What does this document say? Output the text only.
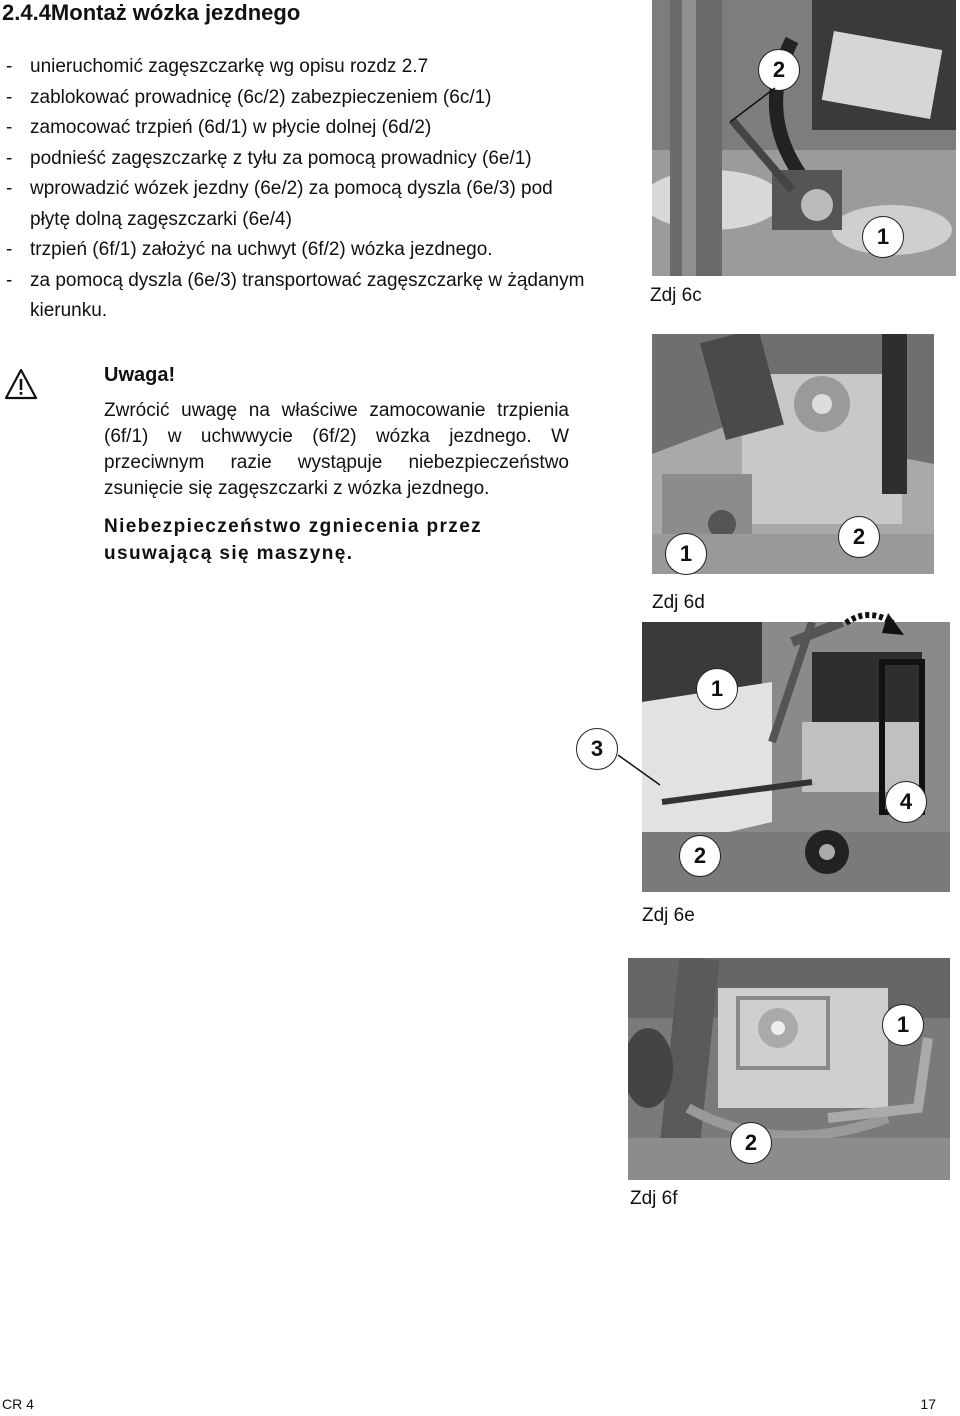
2.4.4Montaż wózka jezdnego
- unieruchomić zagęszczarkę wg opisu rozdz 2.7
- zablokować prowadnicę (6c/2) zabezpieczeniem (6c/1)
- zamocować trzpień (6d/1) w płycie dolnej (6d/2)
- podnieść zagęszczarkę z tyłu za pomocą prowadnicy (6e/1)
- wprowadzić wózek jezdny (6e/2) za pomocą dyszla (6e/3) pod płytę dolną zagęszczarki (6e/4)
- trzpień (6f/1) założyć na uchwyt (6f/2) wózka jezdnego.
- za pomocą dyszla (6e/3) transportować zagęszczarkę w żądanym kierunku.
Uwaga!
Zwrócić uwagę na właściwe zamocowanie trzpienia (6f/1) w uchwwycie (6f/2) wózka jezdnego. W przeciwnym razie wystąpuje niebezpieczeństwo zsunięcie się zagęszczarki z wózka jezdnego.
Niebezpieczeństwo zgniecenia przez usuwającą się maszynę.
2
1
Zdj 6c
1
2
Zdj 6d
1
3
4
2
Zdj 6e
1
2
Zdj 6f
CR 4	17
